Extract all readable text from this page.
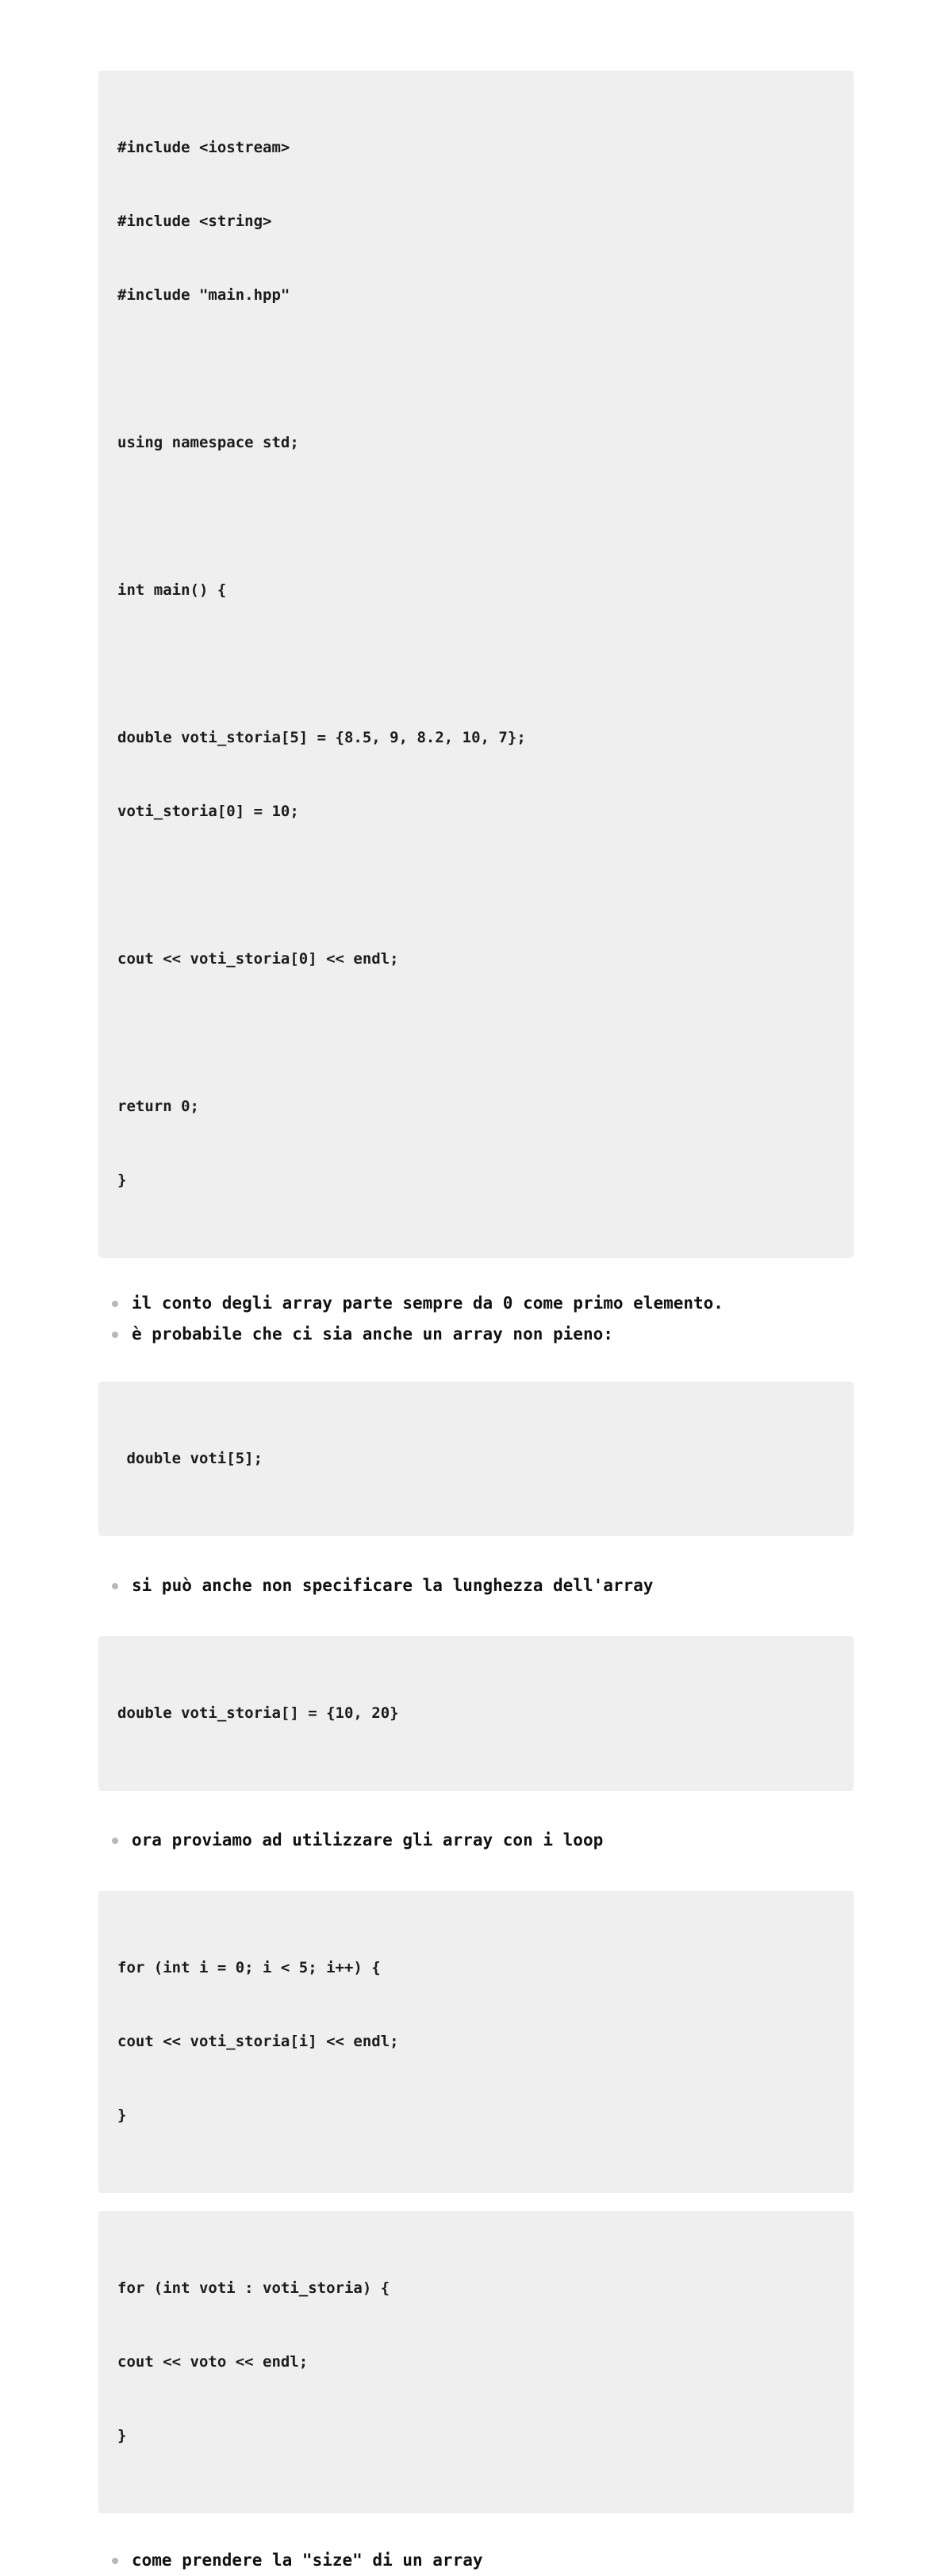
#include <iostream>

#include <string>

#include "main.hpp"

using namespace std;

int main() {

double voti_storia[5] = {8.5, 9, 8.2, 10, 7};

voti_storia[0] = 10;

cout << voti_storia[0] << endl;

return 0;

}

il conto degli array parte sempre da 0 come primo elemento.
è probabile che ci sia anche un array non pieno:

double voti[5];

si può anche non specificare la lunghezza dell'array

double voti_storia[] = {10, 20}

ora proviamo ad utilizzare gli array con i loop

for (int i = 0; i < 5; i++) {

cout << voti_storia[i] << endl;

}

for (int voti : voti_storia) {

cout << voto << endl;

}

come prendere la "size" di un array
